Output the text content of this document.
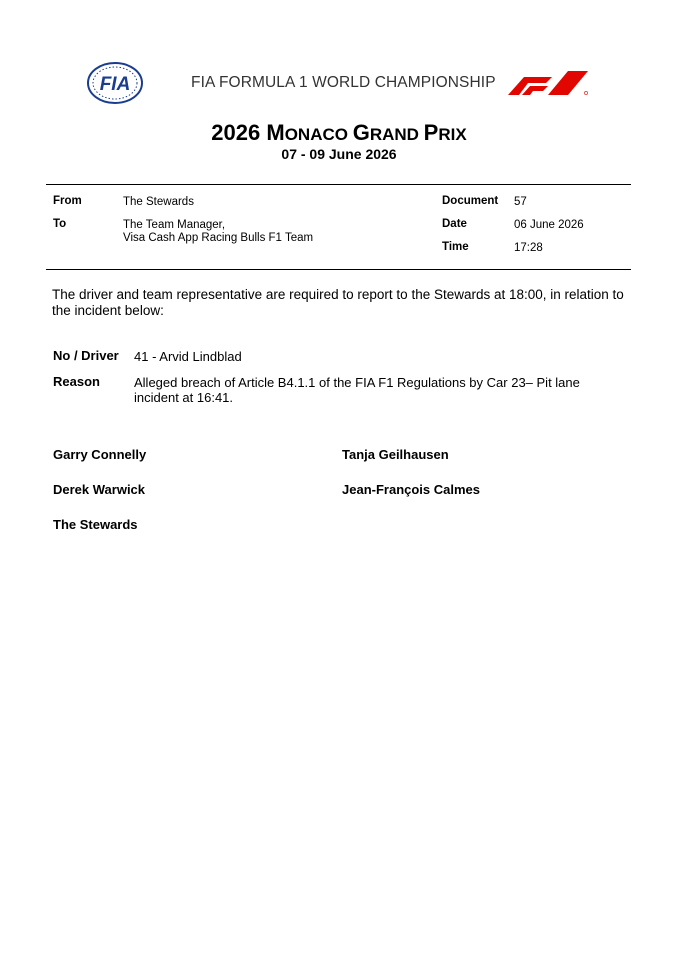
FIA	FIA FORMULA 1 WORLD CHAMPIONSHIP
2026 MONACO GRAND PRIX
07 - 09 June 2026
From	The Stewards
To	The Team Manager,
Visa Cash App Racing Bulls F1 Team
Document 57
Date	06 June 2026
Time	17:28
The driver and team representative are required to report to the Stewards at 18:00, in relation to the incident below:
No / Driver 41 - Arvid Lindblad
Reason	Alleged breach of Article B4.1.1 of the FIA F1 Regulations by Car 23– Pit lane incident at 16:41.
Garry Connelly	Tanja Geilhausen
Derek Warwick	Jean-François Calmes
The Stewards
